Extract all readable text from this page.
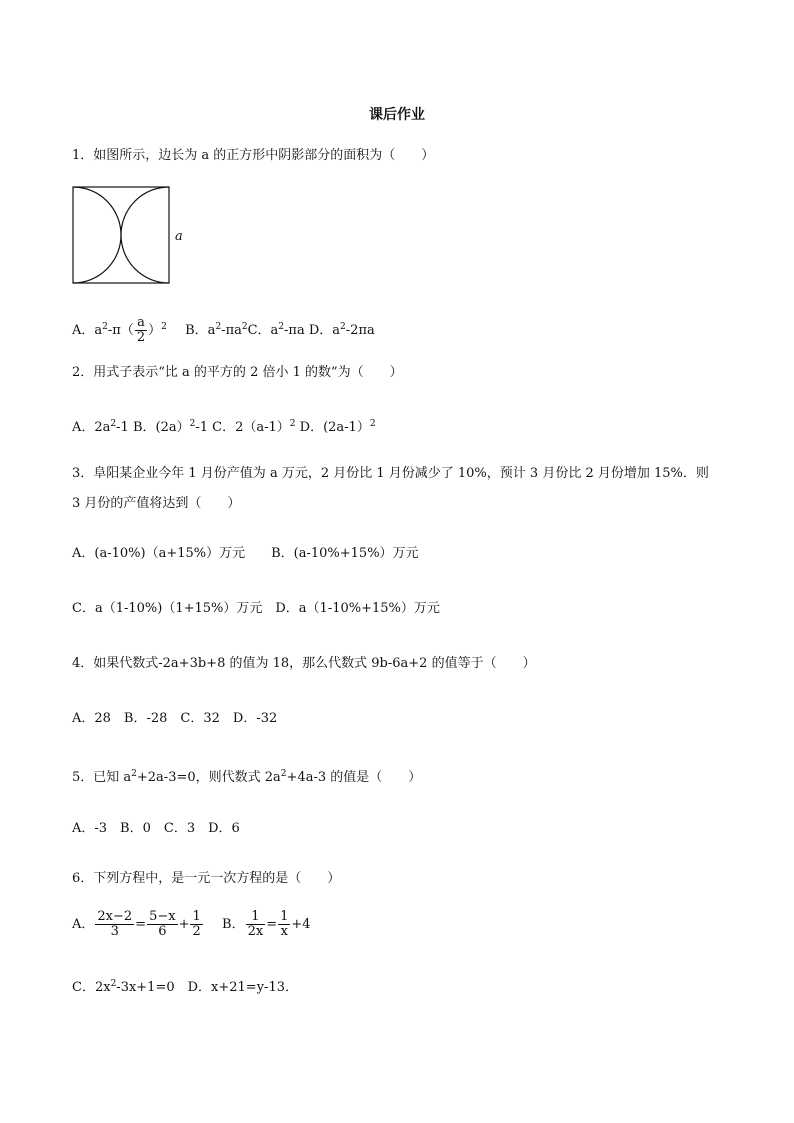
课后作业
1．如图所示，边长为 a 的正方形中阴影部分的面积为（　　）
a
A．$a^2-\pi( \frac{a}{2} )^2$ B．$a^2-\pi a^2C$．$a^2-\pi a$ D．$a^2-2\pi a$
2．用式子表示“比 a 的平方的 2 倍小 1 的数”为（　　）
A．$2a^2-1$ B．(2a）$^2$-1 C．$2(a-1)^2$ D．(2a-1）$^2$
3．阜阳某企业今年 1 月份产值为 a 万元，2 月份比 1 月份减少了 10%，预计 3 月份比 2 月份增加 15%．则
3 月份的产值将达到（　　）
A．(a-10%)（a+15%）万元　　B．(a-10%+15%）万元
C．a（1-10%)（1+15%）万元　D．a（1-10%+15%）万元
4．如果代数式-2a+3b+8 的值为 18，那么代数式 9b-6a+2 的值等于（　　）
A．28　B．-28　C．32　D．-32
5．已知 $a^2+2a-3=0$，则代数式 $2a^2+4a-3$ 的值是（　　）
A．-3　B．0　C．3　D．6
6．下列方程中，是一元一次方程的是（　　）
A． $\frac{2x-2}{3} = \frac{5-x}{6} + \frac{1}{2}$ B． $\frac{1}{2x} = \frac{1}{x} +4$
C．$2x^2-3x+1=0$　D．x+21=y-13．
